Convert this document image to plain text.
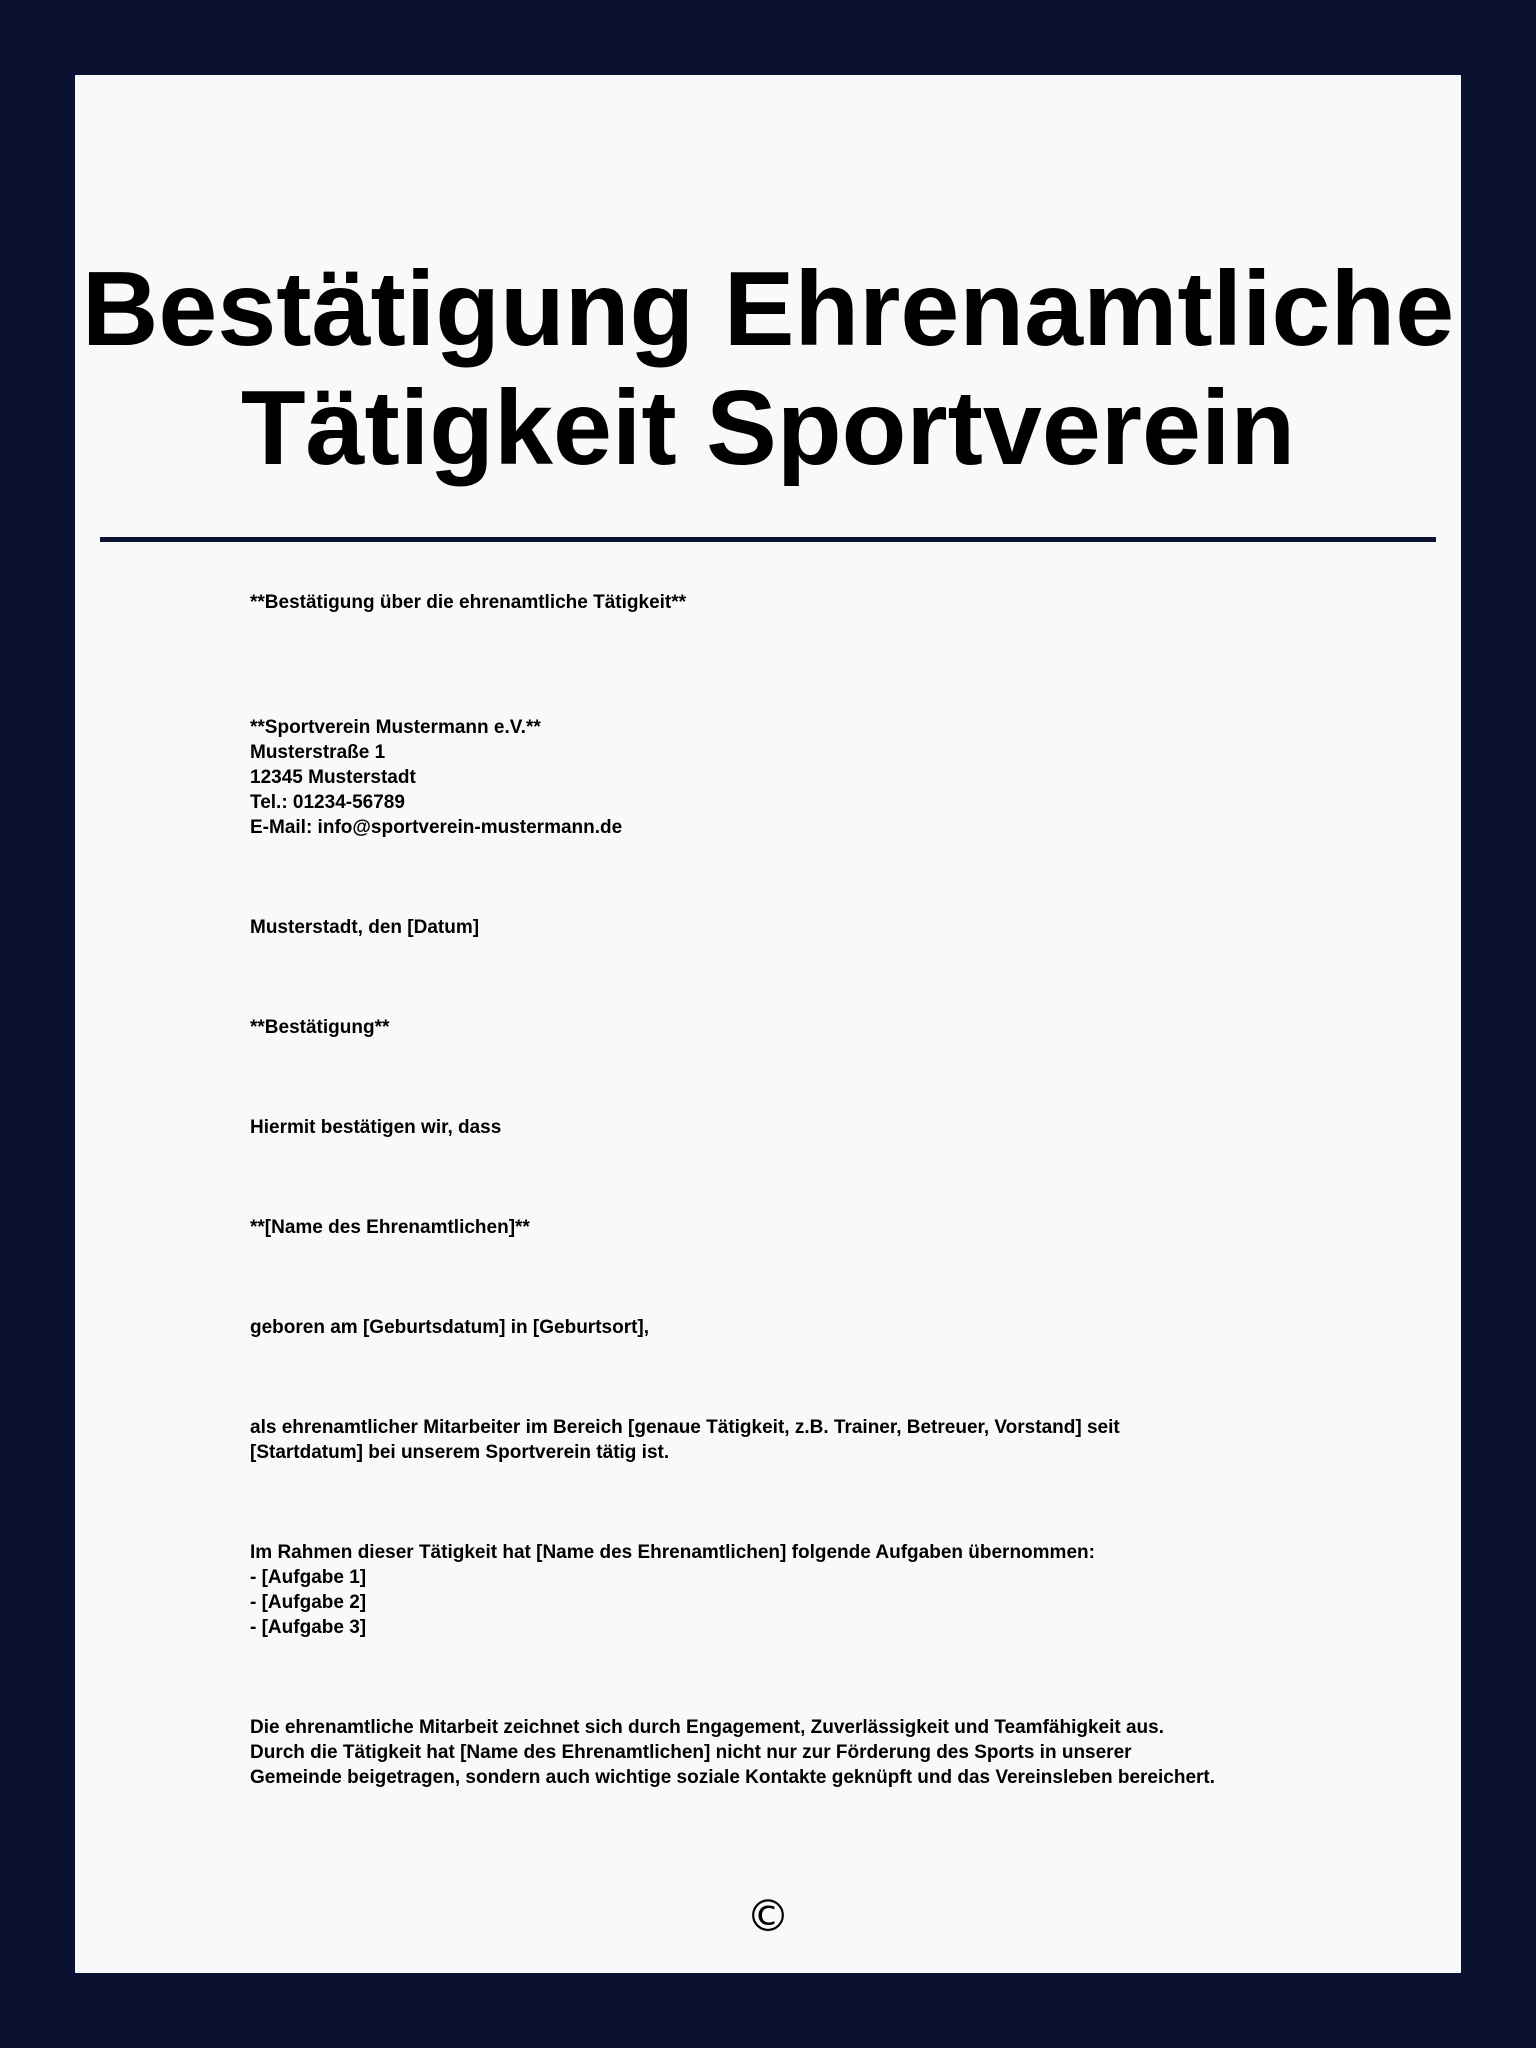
Bestätigung Ehrenamtliche
Tätigkeit Sportverein

**Bestätigung über die ehrenamtliche Tätigkeit**

**Sportverein Mustermann e.V.**
Musterstraße 1
12345 Musterstadt
Tel.: 01234-56789
E-Mail: info@sportverein-mustermann.de

Musterstadt, den [Datum]

**Bestätigung**

Hiermit bestätigen wir, dass

**[Name des Ehrenamtlichen]**

geboren am [Geburtsdatum] in [Geburtsort],

als ehrenamtlicher Mitarbeiter im Bereich [genaue Tätigkeit, z.B. Trainer, Betreuer, Vorstand] seit
[Startdatum] bei unserem Sportverein tätig ist.
Im Rahmen dieser Tätigkeit hat [Name des Ehrenamtlichen] folgende Aufgaben übernommen:
- [Aufgabe 1]
- [Aufgabe 2]
- [Aufgabe 3]
Die ehrenamtliche Mitarbeit zeichnet sich durch Engagement, Zuverlässigkeit und Teamfähigkeit aus.
Durch die Tätigkeit hat [Name des Ehrenamtlichen] nicht nur zur Förderung des Sports in unserer
Gemeinde beigetragen, sondern auch wichtige soziale Kontakte geknüpft und das Vereinsleben bereichert.
©
